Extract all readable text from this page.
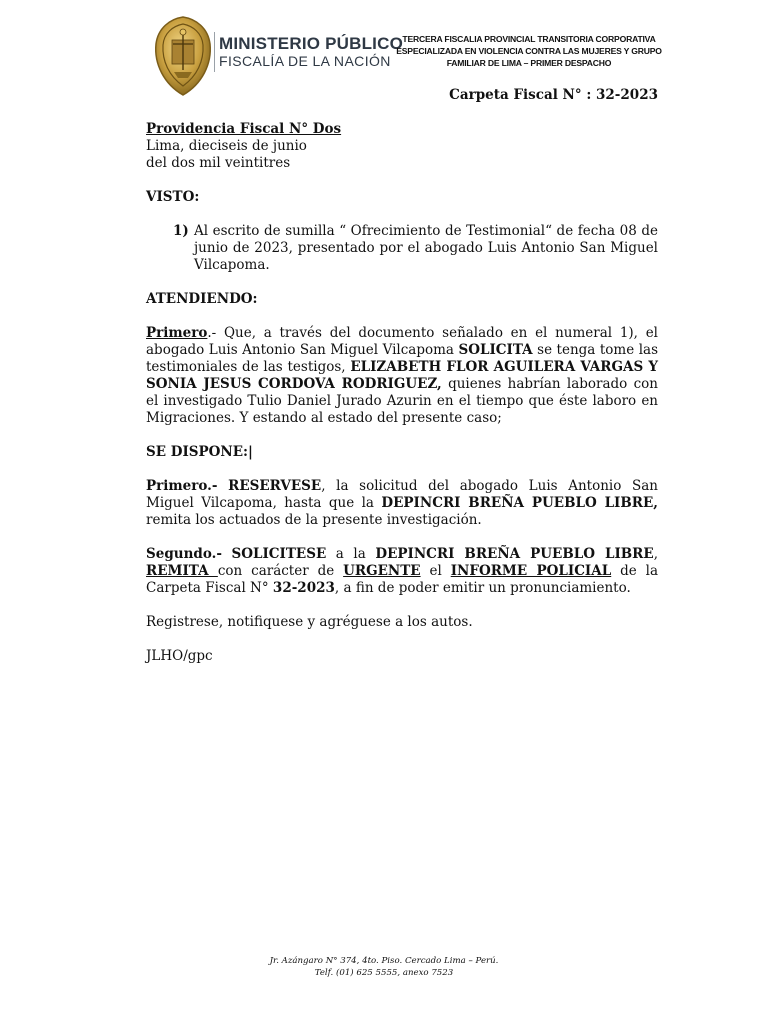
MINISTERIO PÚBLICO
FISCALÍA DE LA NACIÓN
TERCERA FISCALIA PROVINCIAL TRANSITORIA CORPORATIVA
ESPECIALIZADA EN VIOLENCIA CONTRA LAS MUJERES Y GRUPO
FAMILIAR DE LIMA – PRIMER DESPACHO
Carpeta Fiscal N° : 32-2023

Providencia Fiscal N° Dos

Lima, dieciseis de junio

del dos mil veintitres

VISTO:

1) Al escrito de sumilla “ Ofrecimiento de Testimonial“ de fecha 08 de junio de 2023, presentado por el abogado Luis Antonio San Miguel Vilcapoma.

ATENDIENDO:

Primero.- Que, a través del documento señalado en el numeral 1), el abogado Luis Antonio San Miguel Vilcapoma SOLICITA se tenga tome las testimoniales de las testigos, ELIZABETH FLOR AGUILERA VARGAS Y SONIA JESUS CORDOVA RODRIGUEZ, quienes habrían laborado con el investigado Tulio Daniel Jurado Azurin en el tiempo que éste laboro en Migraciones. Y estando al estado del presente caso;

SE DISPONE:|

Primero.- RESERVESE, la solicitud del abogado Luis Antonio San Miguel Vilcapoma, hasta que la DEPINCRI BREÑA PUEBLO LIBRE, remita los actuados de la presente investigación.

Segundo.- SOLICITESE a la DEPINCRI BREÑA PUEBLO LIBRE, REMITA con carácter de URGENTE el INFORME POLICIAL de la Carpeta Fiscal N° 32-2023, a fin de poder emitir un pronunciamiento.

Registrese, notifiquese y agréguese a los autos.

JLHO/gpc

Jr. Azángaro N° 374, 4to. Piso. Cercado Lima – Perú.
Telf. (01) 625 5555, anexo 7523
